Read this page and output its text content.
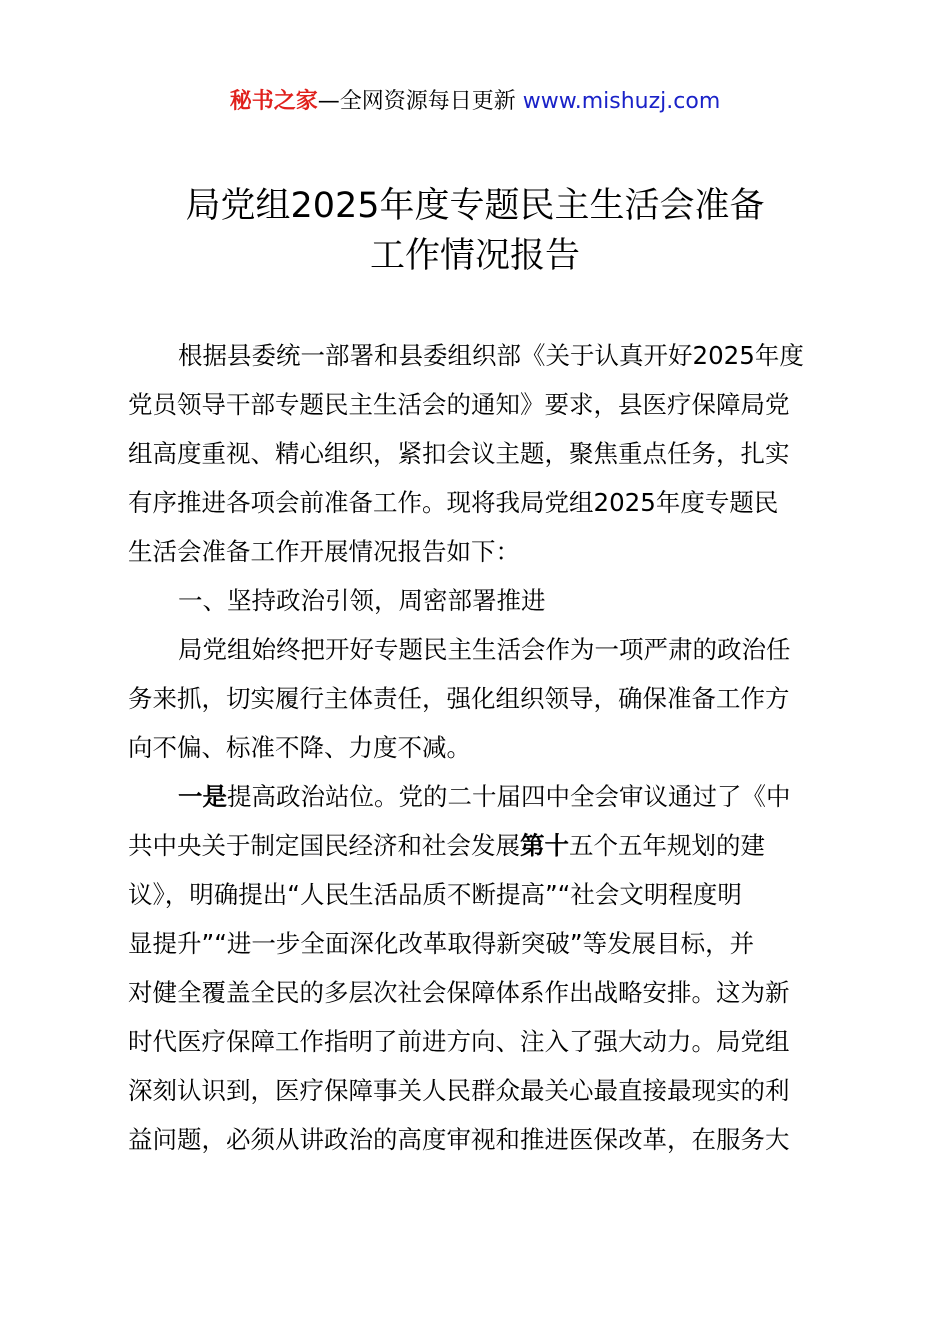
秘书之家—全网资源每日更新 www.mishuzj.com
局党组2025年度专题民主生活会准备
工作情况报告
根据县委统一部署和县委组织部《关于认真开好2025年度
党员领导干部专题民主生活会的通知》要求，县医疗保障局党
组高度重视、精心组织，紧扣会议主题，聚焦重点任务，扎实
有序推进各项会前准备工作。现将我局党组2025年度专题民
生活会准备工作开展情况报告如下：
一、坚持政治引领，周密部署推进
局党组始终把开好专题民主生活会作为一项严肃的政治任
务来抓，切实履行主体责任，强化组织领导，确保准备工作方
向不偏、标准不降、力度不减。
一是 提高政治站位。党的二十届四中全会审议通过了《中
共中央关于制定国民经济和社会发展 第十 五个五年规划的建
议》，明确提出“人民生活品质不断提高”“社会文明程度明
显提升”“进一步全面深化改革取得新突破”等发展目标，并
对健全覆盖全民的多层次社会保障体系作出战略安排。这为新
时代医疗保障工作指明了前进方向、注入了强大动力。局党组
深刻认识到，医疗保障事关人民群众最关心最直接最现实的利
益问题，必须从讲政治的高度审视和推进医保改革，在服务大
